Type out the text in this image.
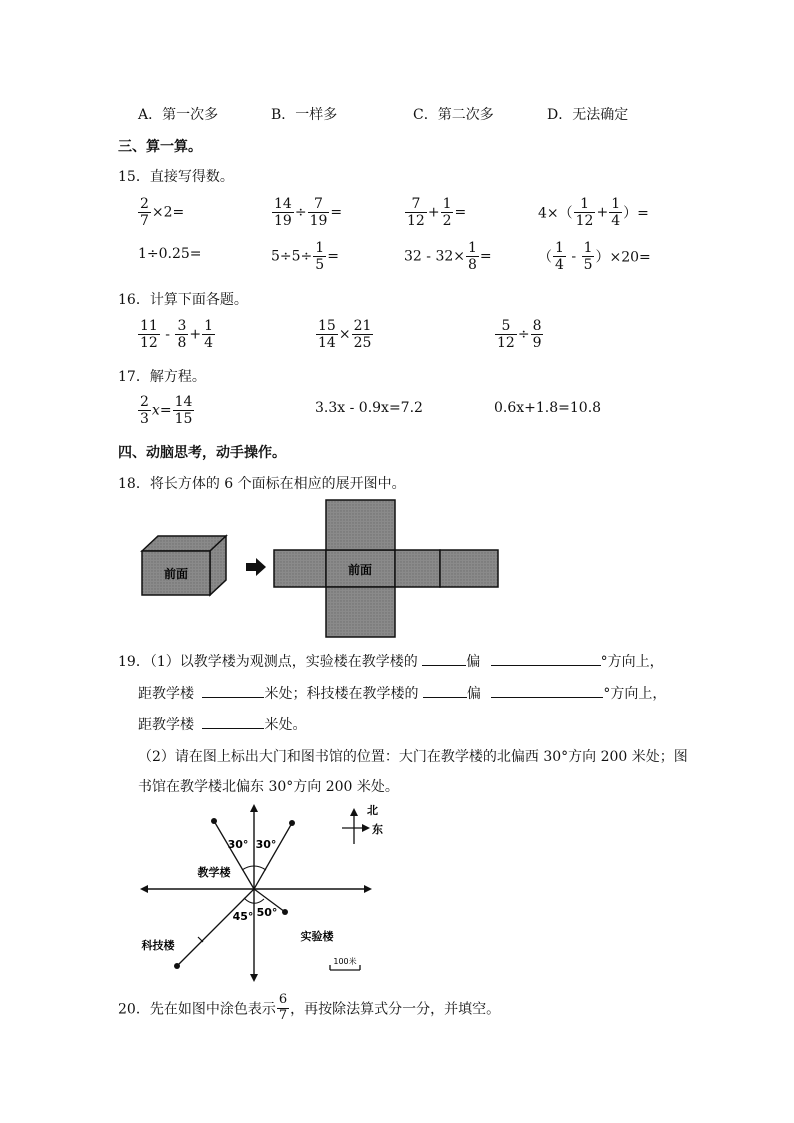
A．第一次多	B．一样多	C．第二次多	D．无法确定
三、算一算。
15．直接写得数。
$\frac{2}{7} \times 2=$	$\frac{14}{19} \div \frac{7}{19}$ =	$\frac{7}{12} + \frac{1}{2}$ =	$4\times( \frac{1}{12} + \frac{1}{4}$ ）=
1÷0.25=	$5\div 5\div \frac{1}{5}$ =	$32 - 32\times \frac{1}{8}$ =	（ $\frac{1}{4} - \frac{1}{5} )\times 20=$
16．计算下面各题。
$\frac{11}{12} - \frac{3}{8} + \frac{1}{4}$	$\frac{15}{14} \times \frac{21}{25}$	$\frac{5}{12} \div \frac{8}{9}$
17．解方程。
$\frac{2}{3} x= \frac{14}{15}$	3.3x - 0.9x=7.2	0.6x+1.8=10.8
四、动脑思考，动手操作。
18．将长方体的 6 个面标在相应的展开图中。
前面	前面
19．（1）以教学楼为观测点，实验楼在教学楼的	偏	°方向上，
距教学楼	米处；科技楼在教学楼的	偏	°方向上，
距教学楼	米处。
（2）请在图上标出大门和图书馆的位置：大门在教学楼的北偏西 30°方向 200 米处；图
书馆在教学楼北偏东 30°方向 200 米处。
30° 30°
45° 50°
教学楼
科技楼
实验楼
100米
北
东
20．先在如图中涂色表示 $\frac{6}{7}$ ，再按除法算式分一分，并填空。
